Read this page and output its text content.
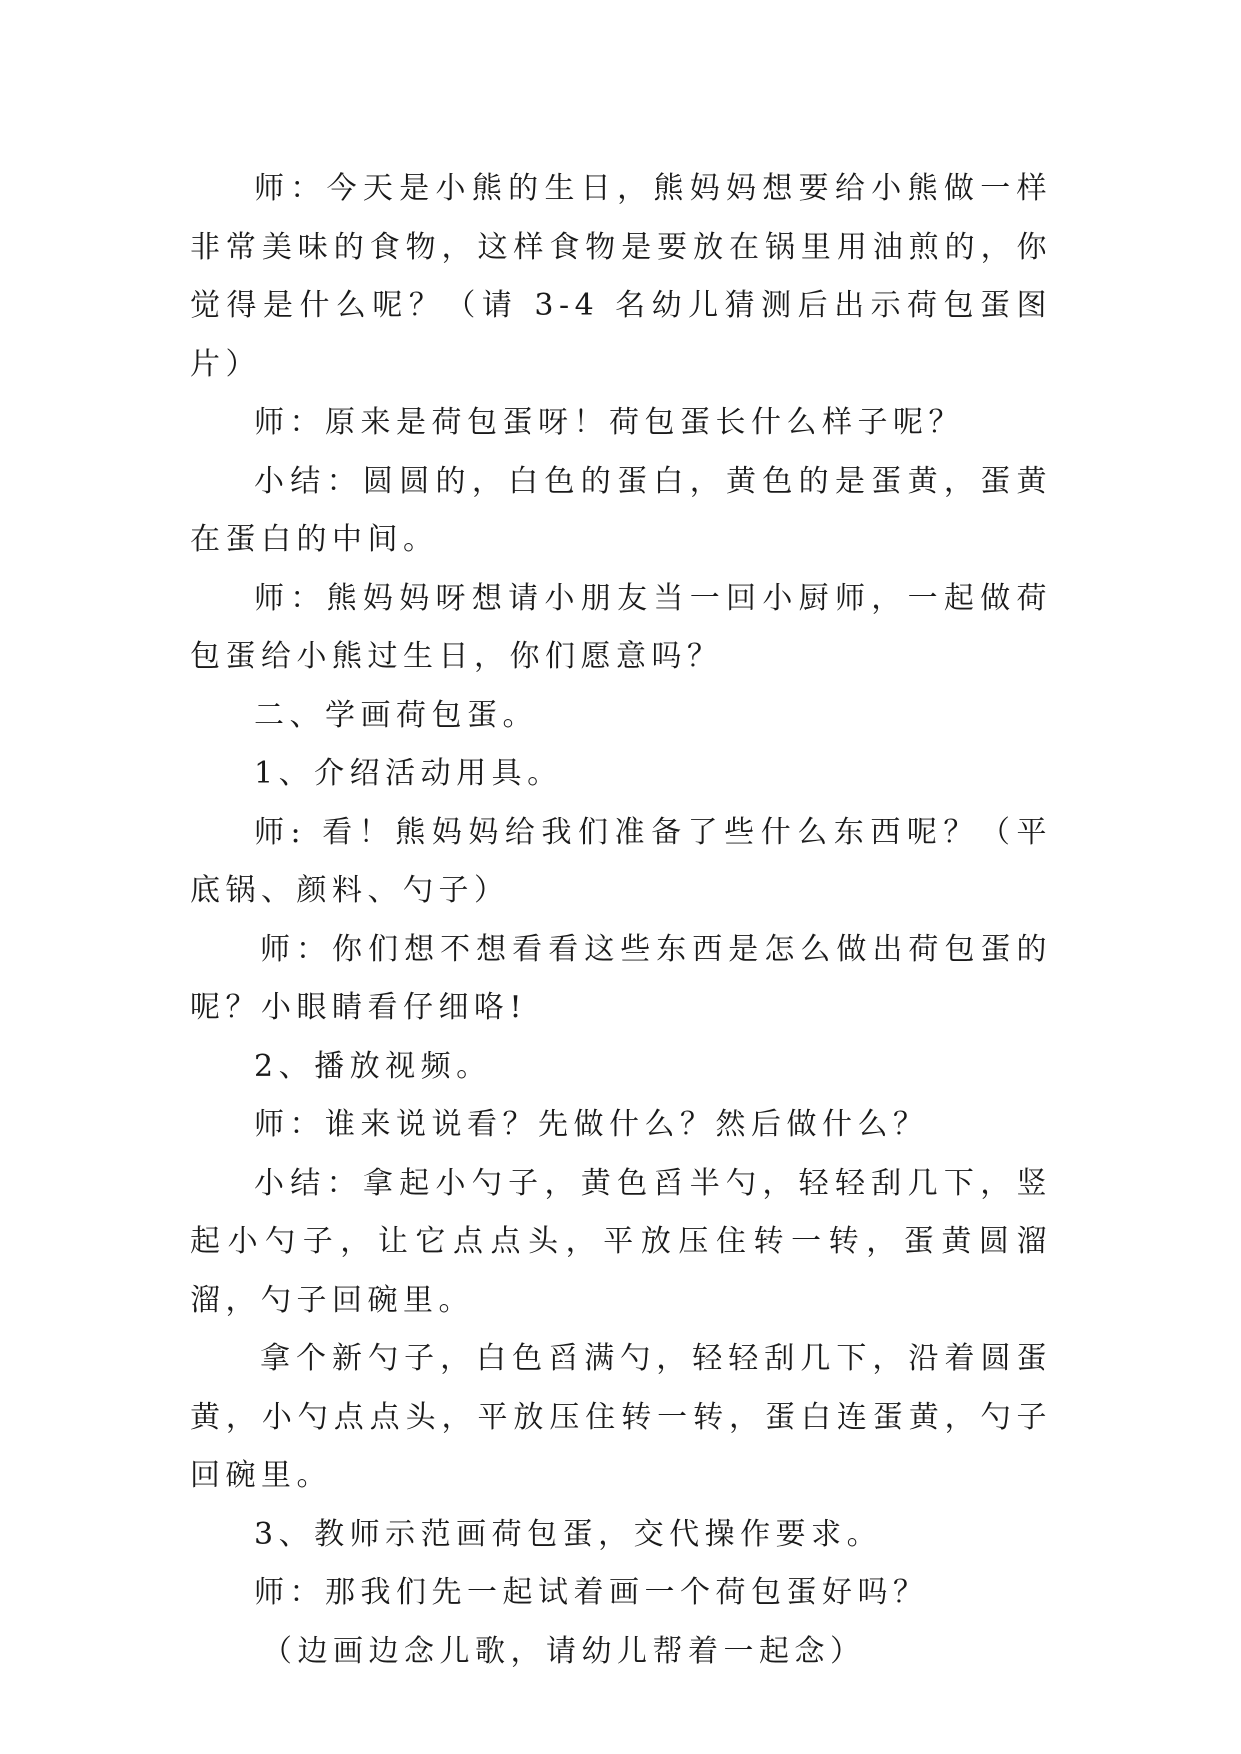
师：今天是小熊的生日，熊妈妈想要给小熊做一样非常美味的食物，这样食物是要放在锅里用油煎的，你觉得是什么呢？（请 3-4 名幼儿猜测后出示荷包蛋图片）

师：原来是荷包蛋呀！荷包蛋长什么样子呢？

小结：圆圆的，白色的蛋白，黄色的是蛋黄，蛋黄在蛋白的中间。

师：熊妈妈呀想请小朋友当一回小厨师，一起做荷包蛋给小熊过生日，你们愿意吗？

二、学画荷包蛋。

1、介绍活动用具。

师: 看！熊妈妈给我们准备了些什么东西呢？（平底锅、颜料、勺子）

师：你们想不想看看这些东西是怎么做出荷包蛋的呢？小眼睛看仔细咯!

2、播放视频。

师：谁来说说看？先做什么？然后做什么？

小结：拿起小勺子，黄色舀半勺，轻轻刮几下，竖起小勺子，让它点点头，平放压住转一转，蛋黄圆溜溜，勺子回碗里。

拿个新勺子，白色舀满勺，轻轻刮几下，沿着圆蛋黄，小勺点点头，平放压住转一转，蛋白连蛋黄，勺子回碗里。

3、教师示范画荷包蛋，交代操作要求。

师：那我们先一起试着画一个荷包蛋好吗？

（边画边念儿歌，请幼儿帮着一起念）
